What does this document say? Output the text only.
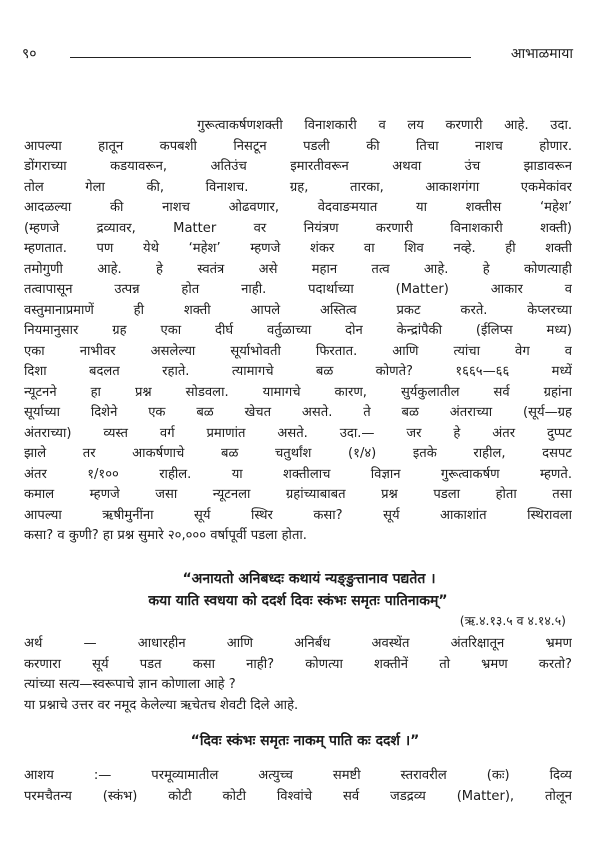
९०	आभाळमाया
गुरूत्वाकर्षणशक्ती विनाशकारी व लय करणारी आहे. उदा.
आपल्या हातून कपबशी निसटून पडली की तिचा नाशच होणार.
डोंगराच्या कडयावरून, अतिउंच इमारतीवरून अथवा उंच झाडावरून
तोल गेला की, विनाशच. ग्रह, तारका, आकाशगंगा एकमेकांवर
आदळल्या की नाशच ओढवणार, वेदवाङमयात या शक्तीस ‘महेश’
(म्हणजे द्रव्यावर, Matter वर नियंत्रण करणारी विनाशकारी शक्ती)
म्हणतात. पण येथे ‘महेश’ म्हणजे शंकर वा शिव नव्हे. ही शक्ती
तमोगुणी आहे. हे स्वतंत्र असे महान तत्व आहे. हे कोणत्याही
तत्वापासून उत्पन्न होत नाही. पदार्थाच्या (Matter) आकार व
वस्तुमानाप्रमाणें ही शक्ती आपले अस्तित्व प्रकट करते. केप्लरच्या
नियमानुसार ग्रह एका दीर्घ वर्तुळाच्या दोन केन्द्रांपैकी (ईलिप्स मध्य)
एका नाभीवर असलेल्या सूर्याभोवती फिरतात. आणि त्यांचा वेग व
दिशा बदलत रहाते. त्यामागचे बळ कोणते? १६६५—६६ मध्यें
न्यूटनने हा प्रश्न सोडवला. यामागचे कारण, सुर्यकुलातील सर्व ग्रहांना
सूर्याच्या दिशेने एक बळ खेचत असते. ते बळ अंतराच्या (सूर्य—ग्रह
अंतराच्या) व्यस्त वर्ग प्रमाणांत असते. उदा.— जर हे अंतर दुप्पट
झाले तर आकर्षणाचे बळ चतुर्थांश (१/४) इतके राहील, दसपट
अंतर १/१०० राहील. या शक्तीलाच विज्ञान गुरूत्वाकर्षण म्हणते.
कमाल म्हणजे जसा न्यूटनला ग्रहांच्याबाबत प्रश्न पडला होता तसा
आपल्या ऋषीमुनींना सूर्य स्थिर कसा? सूर्य आकाशांत स्थिरावला
कसा? व कुणी? हा प्रश्न सुमारे २०,००० वर्षापूर्वी पडला होता.
“अनायतो अनिबध्दः कथायं न्यङ्ङुत्तानाव पद्यतेत ।
कया याति स्वधया को ददर्श दिवः स्कंभः समृतः पातिनाकम्”
(ऋ.४.१३.५ व ४.१४.५)
अर्थ — आधारहीन आणि अनिर्बंध अवस्थेंत अंतरिक्षातून भ्रमण
करणारा सूर्य पडत कसा नाही? कोणत्या शक्तीनें तो भ्रमण करतो?
त्यांच्या सत्य—स्वरूपाचे ज्ञान कोणाला आहे ?
या प्रश्नाचे उत्तर वर नमूद केलेल्या ऋचेतच शेवटी दिले आहे.
“दिवः स्कंभः समृतः नाकम् पाति कः ददर्श ।”
आशय :— परमूव्यामातील अत्युच्च समष्टी स्तरावरील (कः) दिव्य
परमचैतन्य (स्कंभ) कोटी कोटी विश्वांचे सर्व जडद्रव्य (Matter), तोलून
